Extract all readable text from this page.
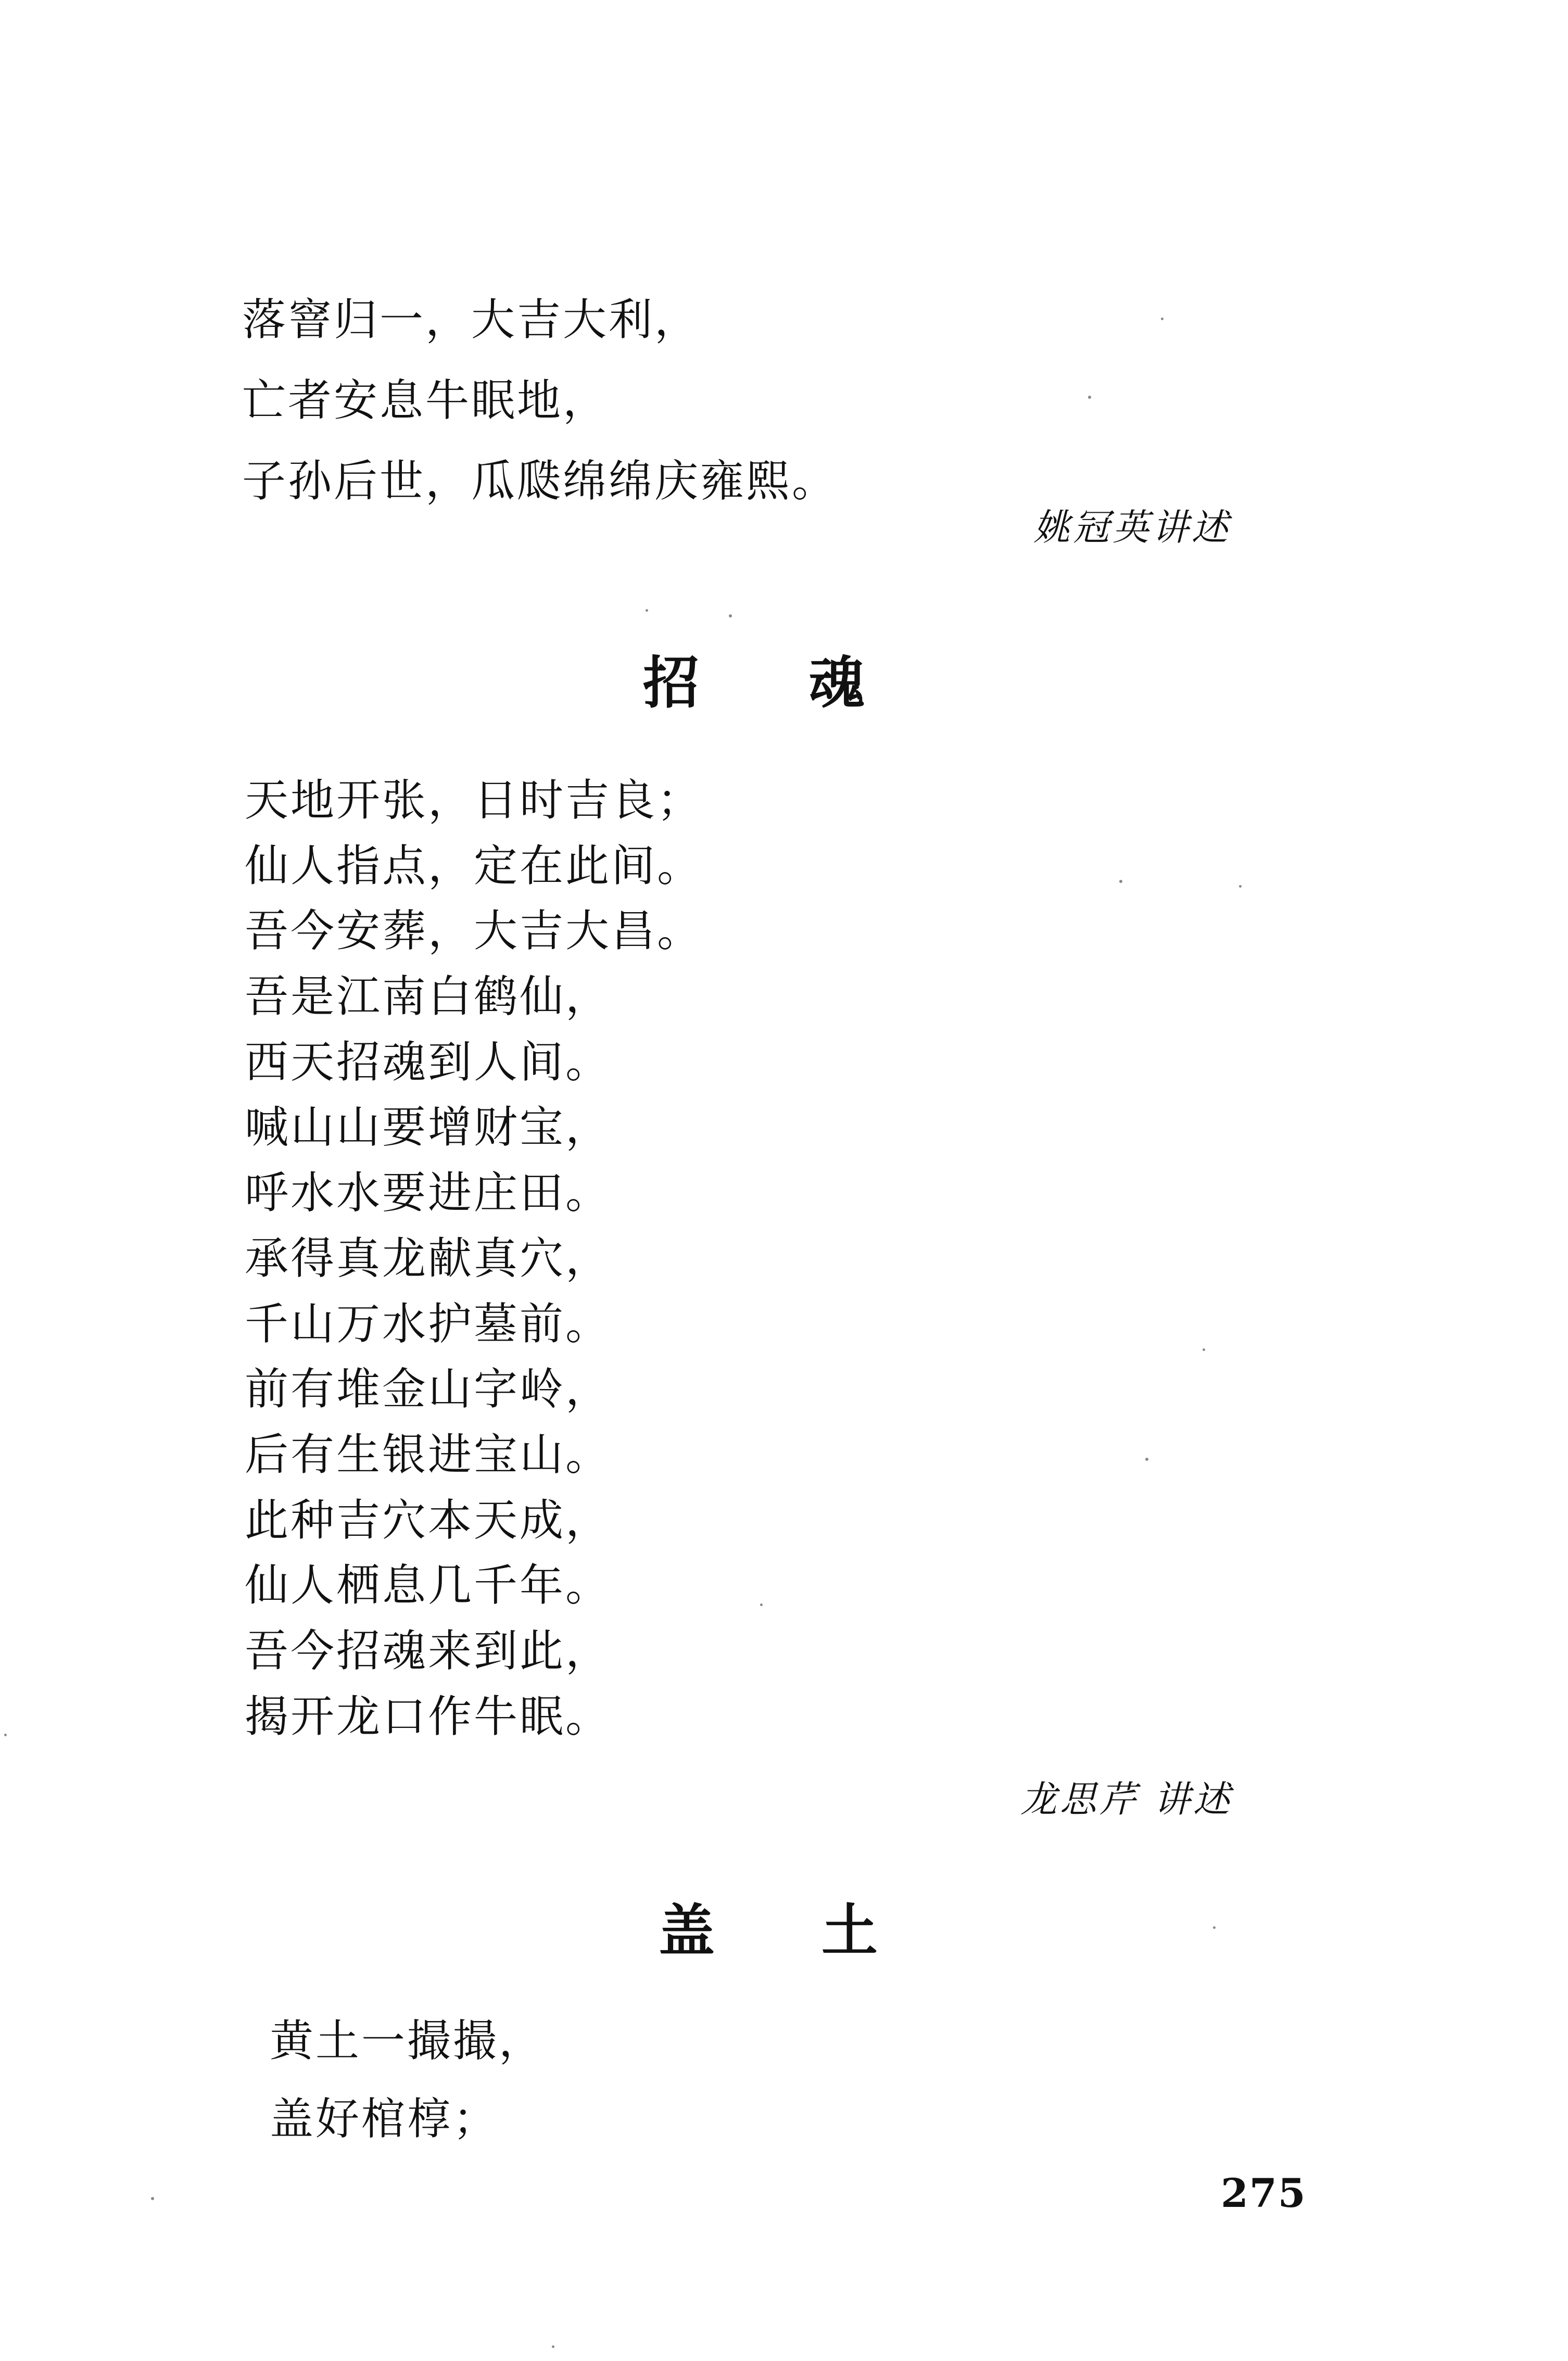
落窨归一，大吉大利，
亡者安息牛眠地，
子孙后世，瓜瓞绵绵庆雍熙。
姚冠英讲述
招 魂
天地开张，日时吉良；
仙人指点，定在此间。
吾今安葬，大吉大昌。
吾是江南白鹤仙，
西天招魂到人间。
喊山山要增财宝，
呼水水要进庄田。
承得真龙献真穴，
千山万水护墓前。
前有堆金山字岭，
后有生银进宝山。
此种吉穴本天成，
仙人栖息几千年。
吾今招魂来到此，
揭开龙口作牛眠。
龙思芹 讲述
盖 土
黄土一撮撮，
盖好棺椁；
275
